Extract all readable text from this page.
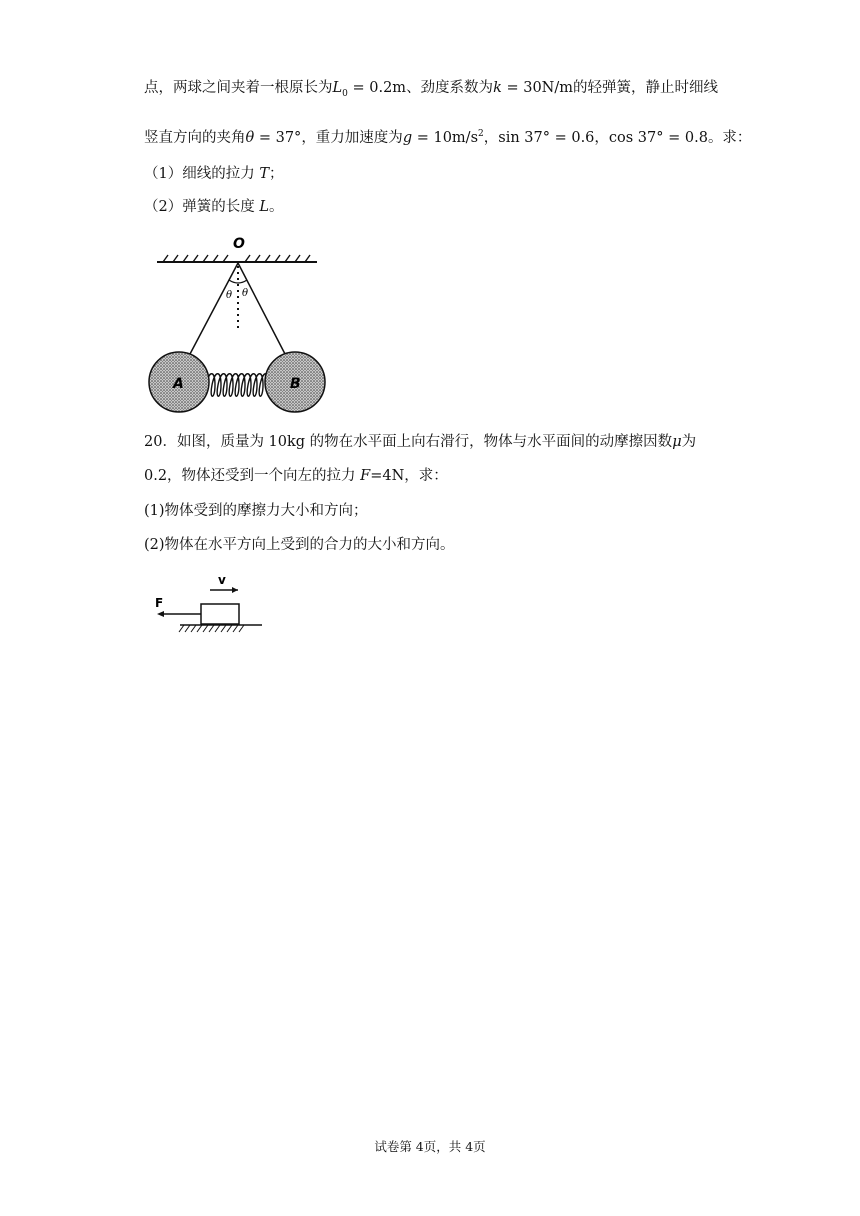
点，两球之间夹着一根原长为$L_0 = 0.2m$、劲度系数为k = 30N/m的轻弹簧，静止时细线
竖直方向的夹角θ = 37°，重力加速度为$g = 10m/s^2$，sin 37° = 0.6，cos 37° = 0.8。求：
（1）细线的拉力 T；
（2）弹簧的长度 L。
O
θ θ
A	B
20．如图，质量为 10kg 的物在水平面上向右滑行，物体与水平面间的动摩擦因数μ为
0.2，物体还受到一个向左的拉力 F=4N，求：
(1)物体受到的摩擦力大小和方向；
(2)物体在水平方向上受到的合力的大小和方向。
v
F
试卷第 4页，共 4页
